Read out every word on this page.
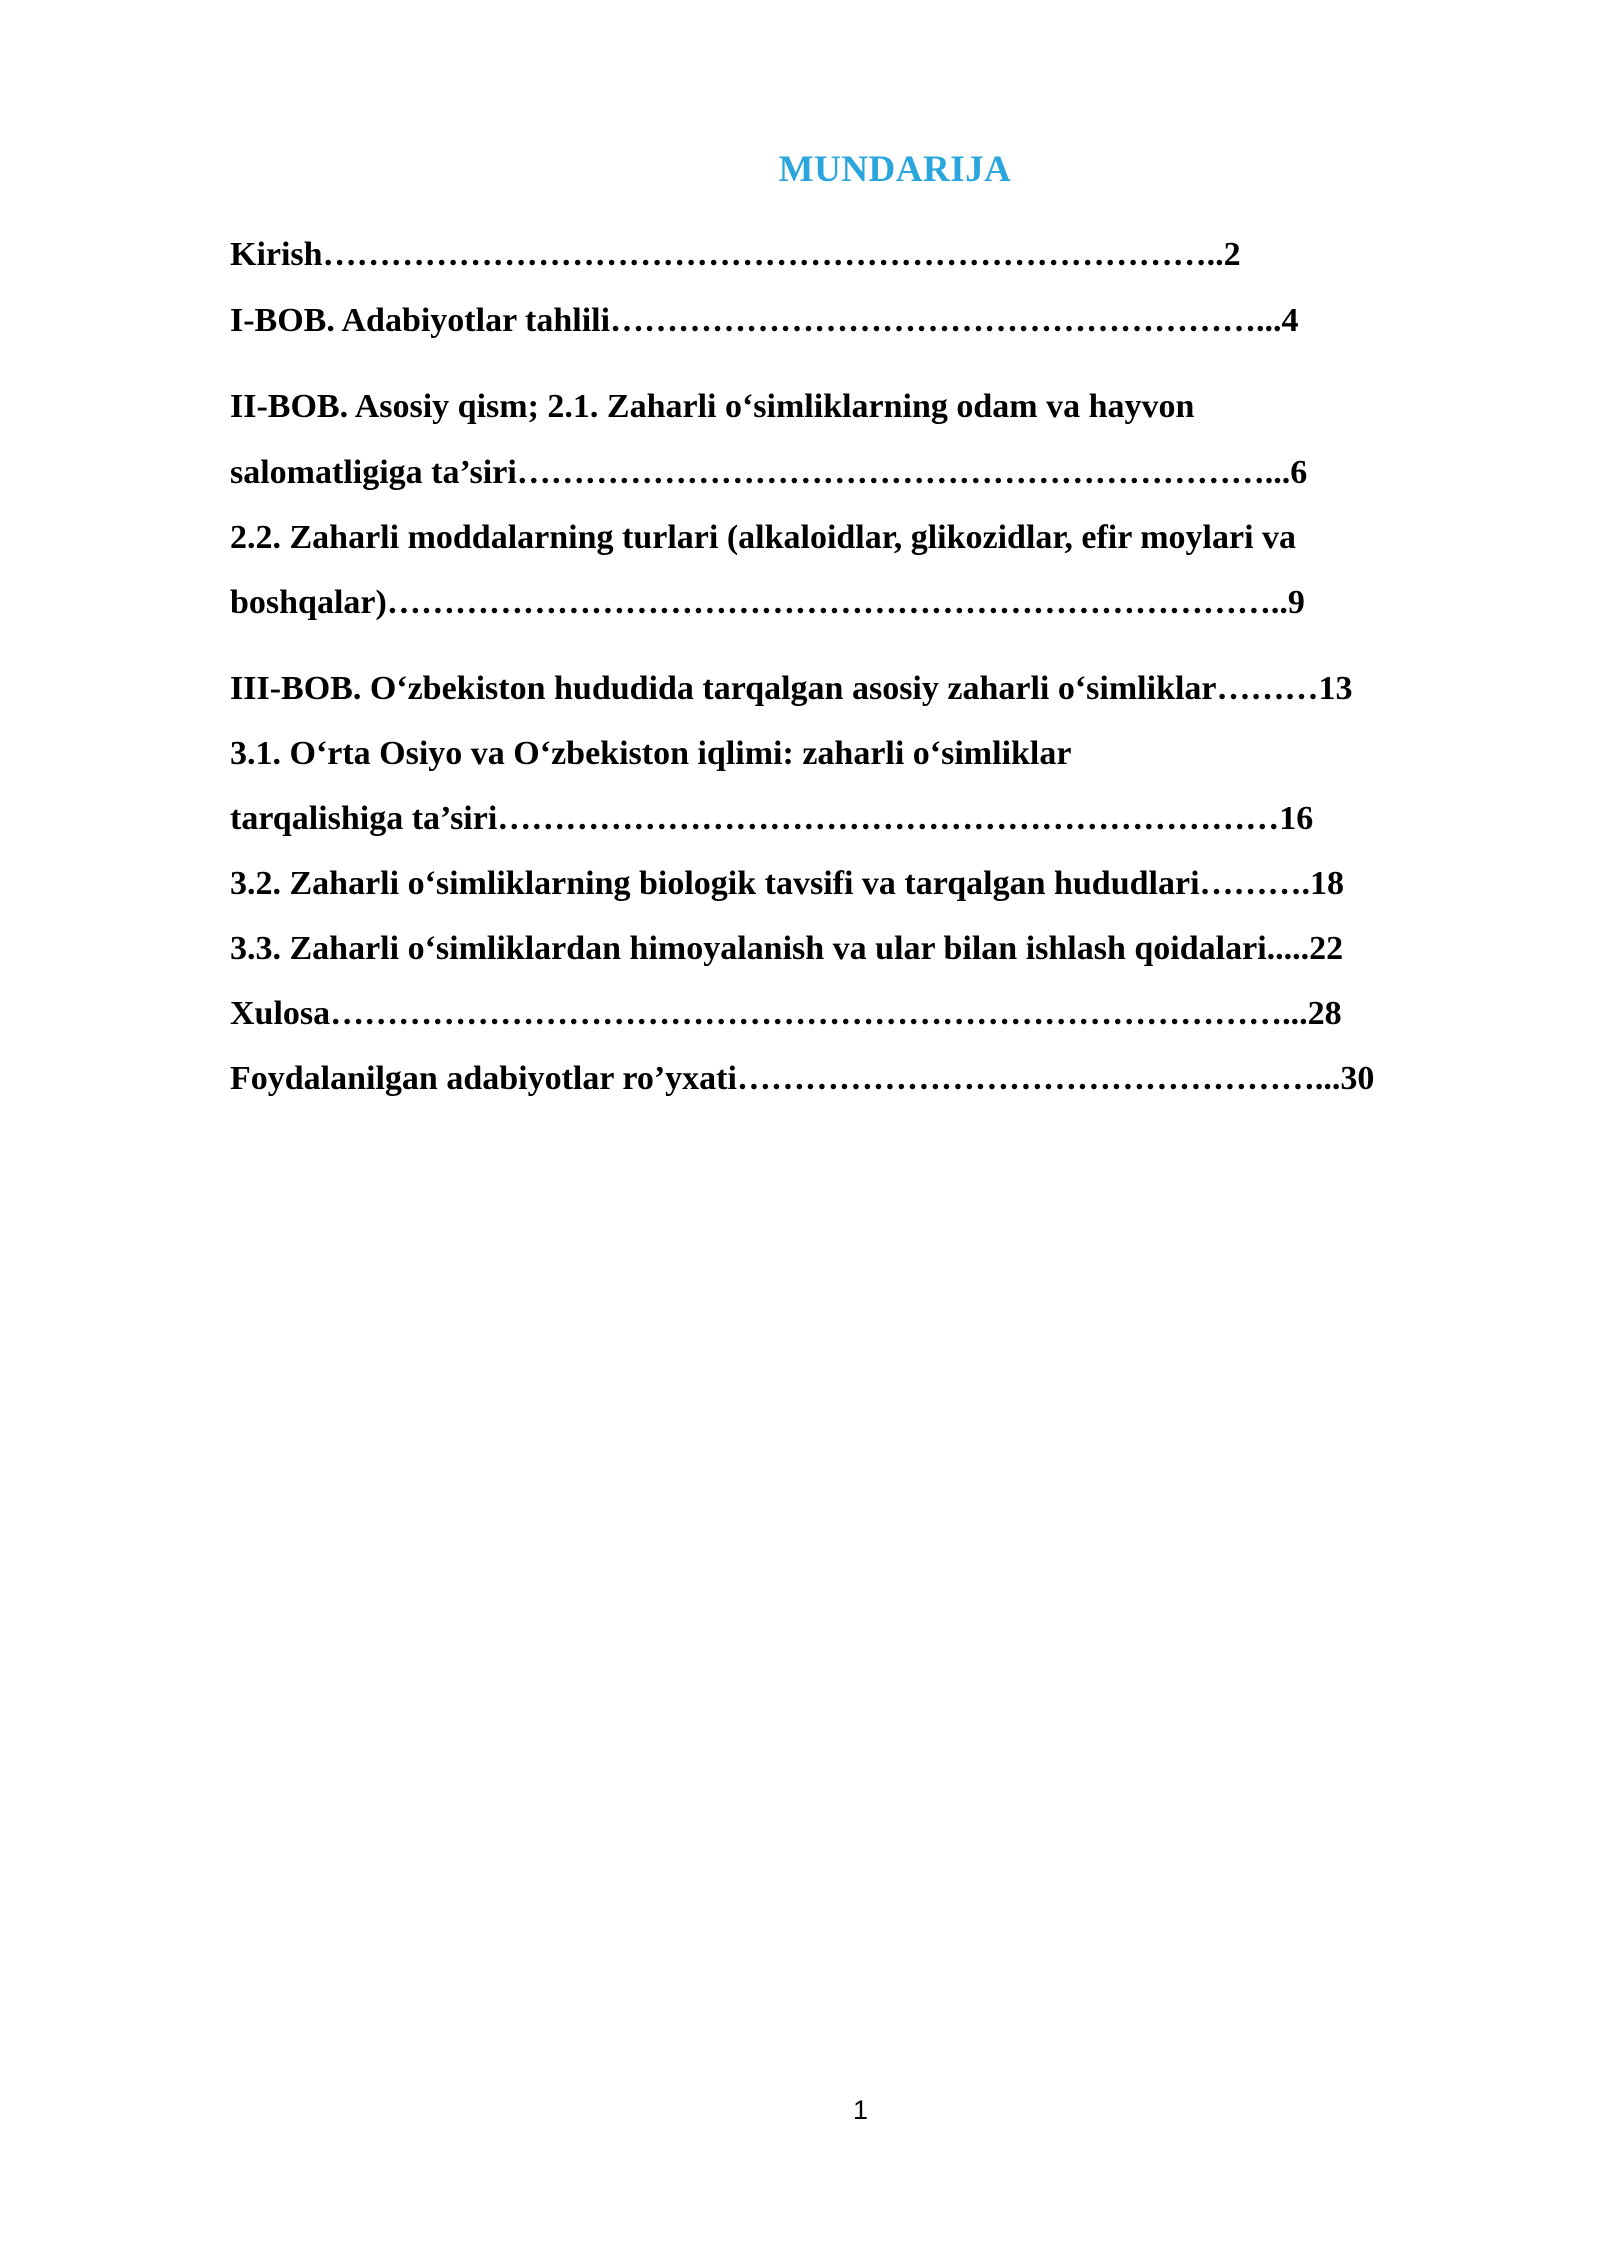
MUNDARIJA
Kirish……………………………………………………………………..2
I-BOB. Adabiyotlar tahlili…………………………………………………...4
II-BOB. Asosiy qism; 2.1. Zaharli o‘simliklarning odam va hayvon
salomatligiga ta’siri…………………………………………………………...6
2.2. Zaharli moddalarning turlari (alkaloidlar, glikozidlar, efir moylari va
boshqalar)……………………………………………………………………..9
III-BOB. O‘zbekiston hududida tarqalgan asosiy zaharli o‘simliklar………13
3.1. O‘rta Osiyo va O‘zbekiston iqlimi: zaharli o‘simliklar
tarqalishiga ta’siri……………………………………………………………16
3.2. Zaharli o‘simliklarning biologik tavsifi va tarqalgan hududlari……….18
3.3. Zaharli o‘simliklardan himoyalanish va ular bilan ishlash qoidalari.....22
Xulosa…………………………………………………………………………...28
Foydalanilgan adabiyotlar ro’yxati……………………………………………...30
1
